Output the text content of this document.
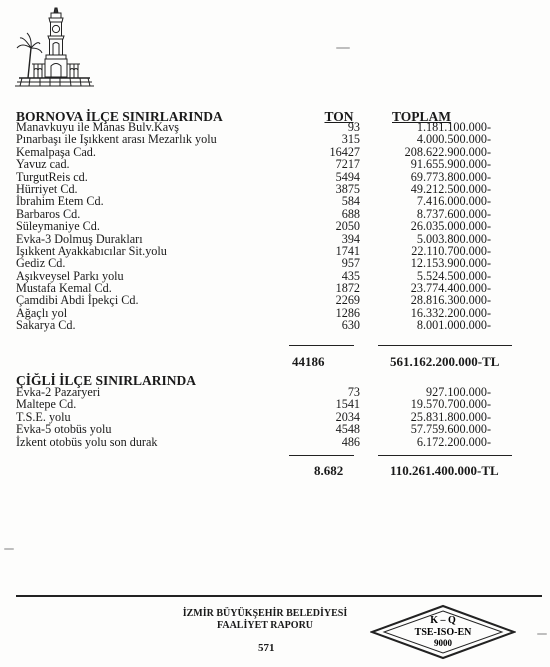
BORNOVA İLÇE SINIRLARINDA	TON	TOPLAM
Manavkuyu ile Manas Bulv.Kavş	93	1.181.100.000-
Pınarbaşı ile Işıkkent arası Mezarlık yolu	315	4.000.500.000-
Kemalpaşa Cad.	16427	208.622.900.000-
Yavuz cad.	7217	91.655.900.000-
TurgutReis cd.	5494	69.773.800.000-
Hürriyet Cd.	3875	49.212.500.000-
İbrahim Etem Cd.	584	7.416.000.000-
Barbaros Cd.	688	8.737.600.000-
Süleymaniye Cd.	2050	26.035.000.000-
Evka-3 Dolmuş Durakları	394	5.003.800.000-
Işıkkent Ayakkabıcılar Sit.yolu	1741	22.110.700.000-
Gediz Cd.	957	12.153.900.000-
Aşıkveysel Parkı yolu	435	5.524.500.000-
Mustafa Kemal Cd.	1872	23.774.400.000-
Çamdibi Abdi İpekçi Cd.	2269	28.816.300.000-
Ağaçlı yol	1286	16.332.200.000-
Sakarya Cd.	630	8.001.000.000-
44186	561.162.200.000-TL
ÇİĞLİ İLÇE SINIRLARINDA
Evka-2 Pazaryeri	73	927.100.000-
Maltepe Cd.	1541	19.570.700.000-
T.S.E. yolu	2034	25.831.800.000-
Evka-5 otobüs yolu	4548	57.759.600.000-
İzkent otobüs yolu son durak	486	6.172.200.000-
8.682	110.261.400.000-TL
İZMİR BÜYÜKŞEHİR BELEDİYESİ
FAALİYET RAPORU	K – Q
TSE-ISO-EN
9000
571
